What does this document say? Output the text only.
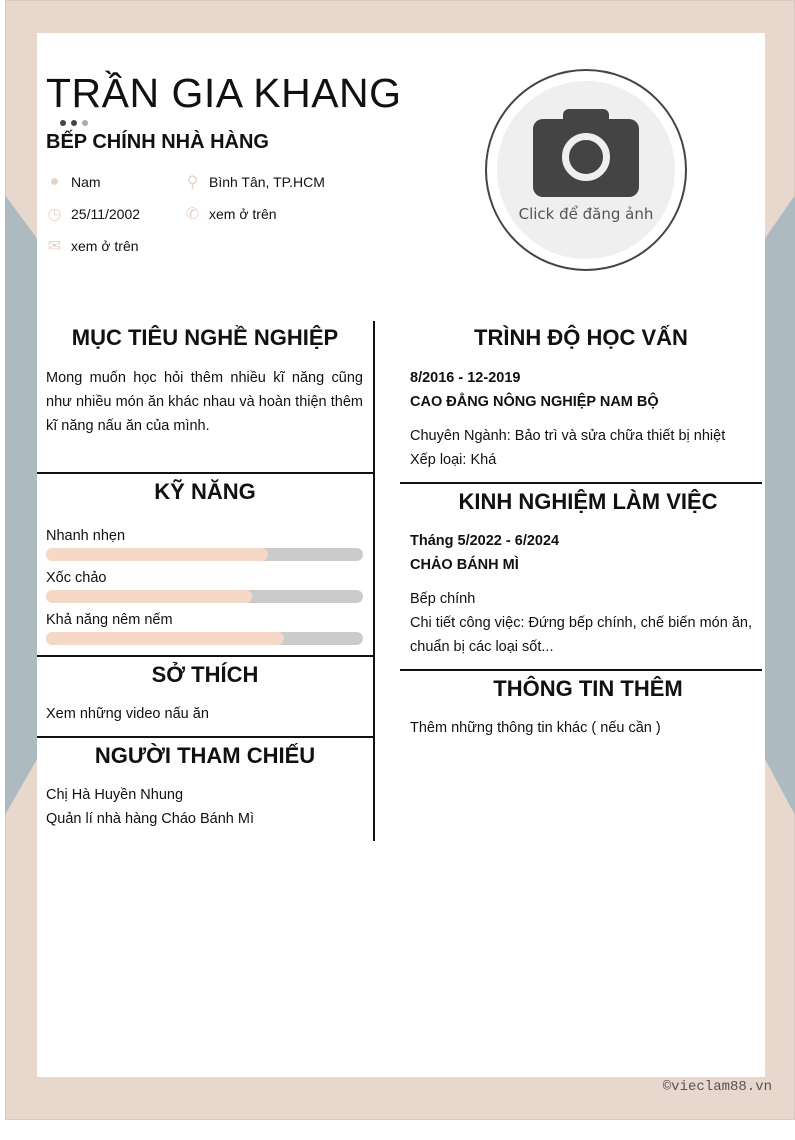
TRẦN GIA KHANG
BẾP CHÍNH NHÀ HÀNG
● Nam	⚲ Bình Tân, TP.HCM
◷ 25/11/2002	✆ xem ở trên
✉ xem ở trên
Click để đăng ảnh
MỤC TIÊU NGHỀ NGHIỆP
Mong muốn học hỏi thêm nhiều kĩ năng cũng như nhiều món ăn khác nhau và hoàn thiện thêm kĩ năng nấu ăn của mình.
KỸ NĂNG
Nhanh nhẹn
Xốc chảo
Khả năng nêm nếm
SỞ THÍCH
Xem những video nấu ăn
NGƯỜI THAM CHIẾU
Chị Hà Huyền Nhung
Quản lí nhà hàng Cháo Bánh Mì
TRÌNH ĐỘ HỌC VẤN
8/2016 - 12-2019
CAO ĐẲNG NÔNG NGHIỆP NAM BỘ
Chuyên Ngành: Bảo trì và sửa chữa thiết bị nhiệt
Xếp loại: Khá
KINH NGHIỆM LÀM VIỆC
Tháng 5/2022 - 6/2024
CHẢO BÁNH MÌ
Bếp chính
Chi tiết công việc: Đứng bếp chính, chế biến món ăn, chuẩn bị các loại sốt...
THÔNG TIN THÊM
Thêm những thông tin khác ( nếu cần )
©vieclam88.vn
